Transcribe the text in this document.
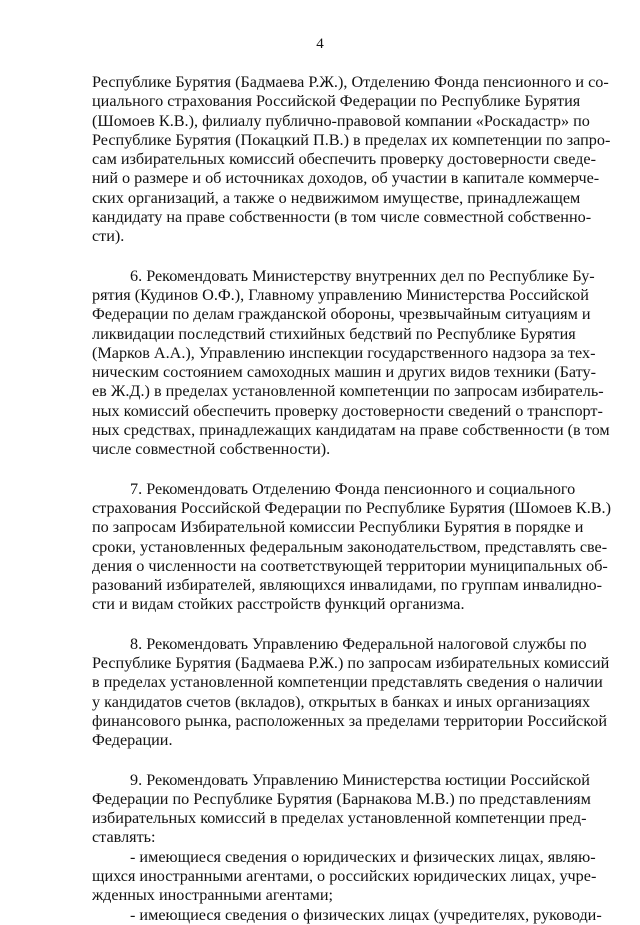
4
Республике Бурятия (Бадмаева Р.Ж.), Отделению Фонда пенсионного и со-
циального страхования Российской Федерации по Республике Бурятия
(Шомоев К.В.), филиалу публично-правовой компании «Роскадастр» по
Республике Бурятия (Покацкий П.В.) в пределах их компетенции по запро-
сам избирательных комиссий обеспечить проверку достоверности сведе-
ний о размере и об источниках доходов, об участии в капитале коммерче-
ских организаций, а также о недвижимом имуществе, принадлежащем
кандидату на праве собственности (в том числе совместной собственно-
сти).
6. Рекомендовать Министерству внутренних дел по Республике Бу-
рятия (Кудинов О.Ф.), Главному управлению Министерства Российской
Федерации по делам гражданской обороны, чрезвычайным ситуациям и
ликвидации последствий стихийных бедствий по Республике Бурятия
(Марков А.А.), Управлению инспекции государственного надзора за тех-
ническим состоянием самоходных машин и других видов техники (Бату-
ев Ж.Д.) в пределах установленной компетенции по запросам избиратель-
ных комиссий обеспечить проверку достоверности сведений о транспорт-
ных средствах, принадлежащих кандидатам на праве собственности (в том
числе совместной собственности).
7. Рекомендовать Отделению Фонда пенсионного и социального
страхования Российской Федерации по Республике Бурятия (Шомоев К.В.)
по запросам Избирательной комиссии Республики Бурятия в порядке и
сроки, установленных федеральным законодательством, представлять све-
дения о численности на соответствующей территории муниципальных об-
разований избирателей, являющихся инвалидами, по группам инвалидно-
сти и видам стойких расстройств функций организма.
8. Рекомендовать Управлению Федеральной налоговой службы по
Республике Бурятия (Бадмаева Р.Ж.) по запросам избирательных комиссий
в пределах установленной компетенции представлять сведения о наличии
у кандидатов счетов (вкладов), открытых в банках и иных организациях
финансового рынка, расположенных за пределами территории Российской
Федерации.
9. Рекомендовать Управлению Министерства юстиции Российской
Федерации по Республике Бурятия (Барнакова М.В.) по представлениям
избирательных комиссий в пределах установленной компетенции пред-
ставлять:
- имеющиеся сведения о юридических и физических лицах, являю-
щихся иностранными агентами, о российских юридических лицах, учре-
жденных иностранными агентами;
- имеющиеся сведения о физических лицах (учредителях, руководи-
